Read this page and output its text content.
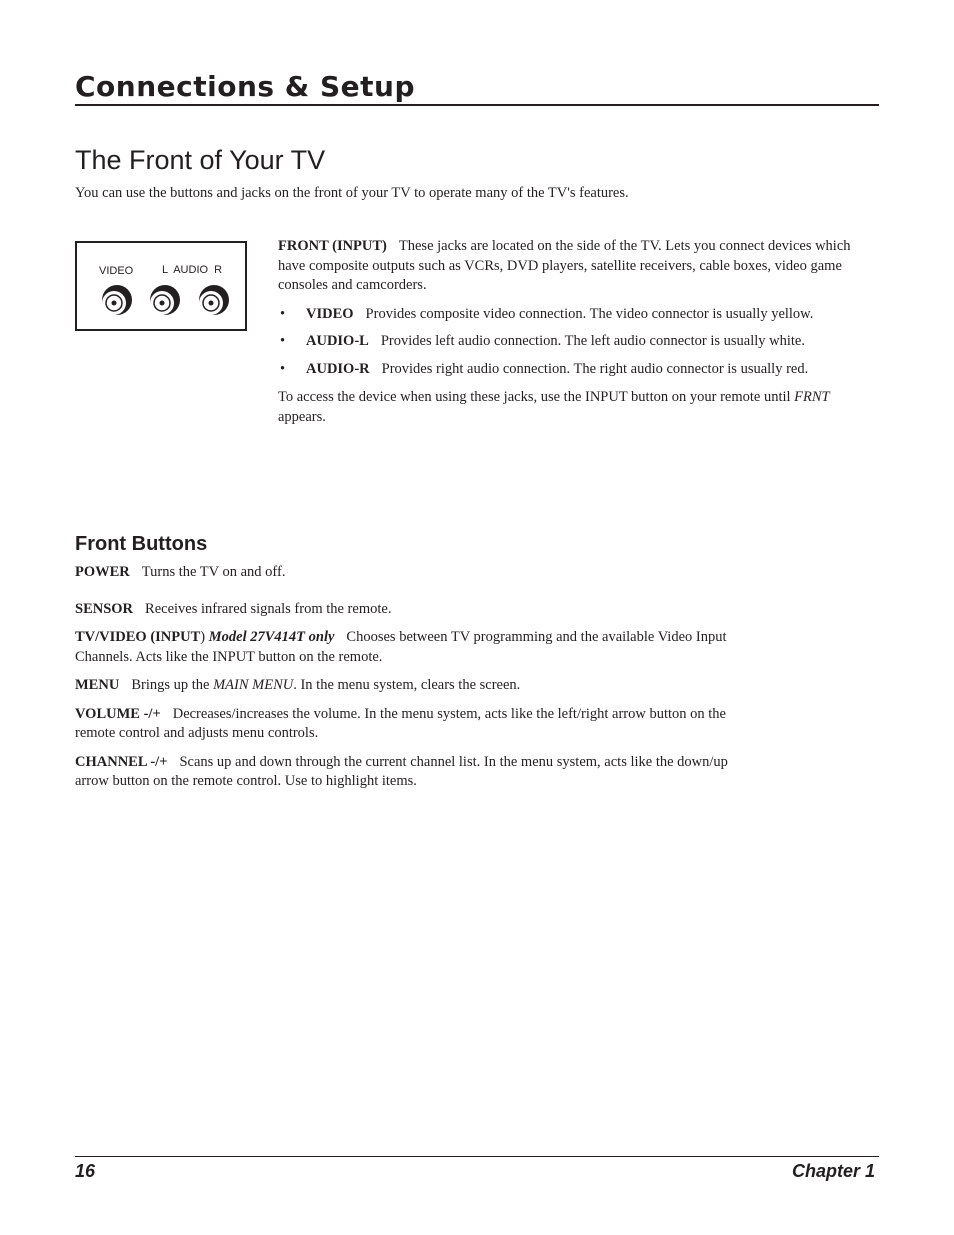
Connections & Setup
The Front of Your TV

You can use the buttons and jacks on the front of your TV to operate many of the TV's features.

VIDEO	L  AUDIO  R

FRONT (INPUT) These jacks are located on the side of the TV. Lets you connect devices which have composite outputs such as VCRs, DVD players, satellite receivers, cable boxes, video game consoles and camcorders.

• VIDEO Provides composite video connection. The video connector is usually yellow.
• AUDIO-L Provides left audio connection. The left audio connector is usually white.
• AUDIO-R Provides right audio connection. The right audio connector is usually red.

To access the device when using these jacks, use the INPUT button on your remote until FRNT appears.

Front Buttons

POWER Turns the TV on and off.

SENSOR Receives infrared signals from the remote.

TV/VIDEO (INPUT) Model 27V414T only Chooses between TV programming and the available Video Input Channels. Acts like the INPUT button on the remote.

MENU Brings up the MAIN MENU. In the menu system, clears the screen.

VOLUME -/+ Decreases/increases the volume. In the menu system, acts like the left/right arrow button on the remote control and adjusts menu controls.

CHANNEL -/+ Scans up and down through the current channel list. In the menu system, acts like the down/up arrow button on the remote control. Use to highlight items.

16	Chapter 1
